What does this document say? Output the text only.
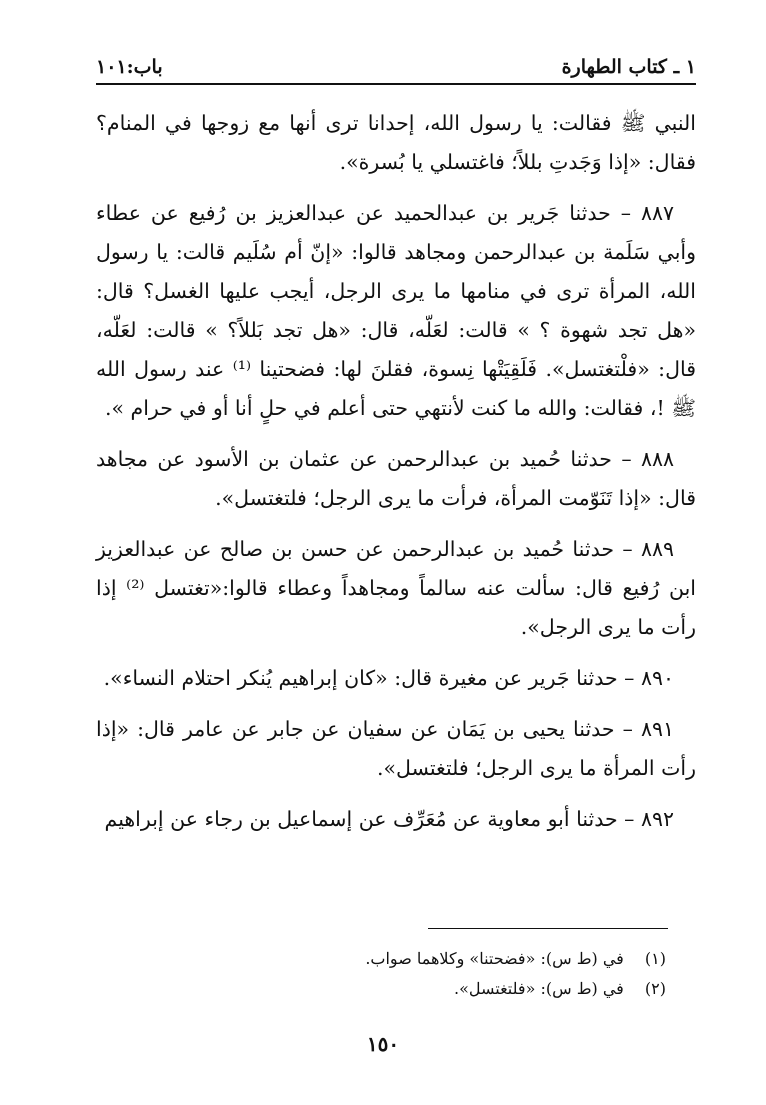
١ ـ كتاب الطهارة
باب:١٠١

النبي ﷺ فقالت: يا رسول الله، إحدانا ترى أنها مع زوجها في المنام؟ فقال: «إذا وَجَدتِ بللاً؛ فاغتسلي يا بُسرة».

٨٨٧ – حدثنا جَرير بن عبدالحميد عن عبدالعزيز بن رُفيع عن عطاء وأبي سَلَمة بن عبدالرحمن ومجاهد قالوا: «إنّ أم سُلَيم قالت: يا رسول الله، المرأة ترى في منامها ما يرى الرجل، أيجب عليها الغسل؟ قال: «هل تجد شهوة ؟ » قالت: لعَلّه، قال: «هل تجد بَللاً؟ » قالت: لعَلّه، قال: «فلْتغتسل». فَلَقِيَتْها نِسوة، فقلنَ لها: فضحتينا ⁽¹⁾ عند رسول الله ﷺ !، فقالت: والله ما كنت لأنتهي حتى أعلم في حلٍ أنا أو في حرام ».

٨٨٨ – حدثنا حُميد بن عبدالرحمن عن عثمان بن الأسود عن مجاهد قال: «إذا تَنَوّمت المرأة، فرأت ما يرى الرجل؛ فلتغتسل».

٨٨٩ – حدثنا حُميد بن عبدالرحمن عن حسن بن صالح عن عبدالعزيز ابن رُفيع قال: سألت عنه سالماً ومجاهداً وعطاء قالوا:«تغتسل ⁽²⁾ إذا رأت ما يرى الرجل».

٨٩٠ – حدثنا جَرير عن مغيرة قال: «كان إبراهيم يُنكر احتلام النساء».

٨٩١ – حدثنا يحيى بن يَمَان عن سفيان عن جابر عن عامر قال: «إذا رأت المرأة ما يرى الرجل؛ فلتغتسل».

٨٩٢ – حدثنا أبو معاوية عن مُعَرِّف عن إسماعيل بن رجاء عن إبراهيم

(١) في (ط س): «فضحتنا» وكلاهما صواب.
(٢) في (ط س): «فلتغتسل».
١٥٠
